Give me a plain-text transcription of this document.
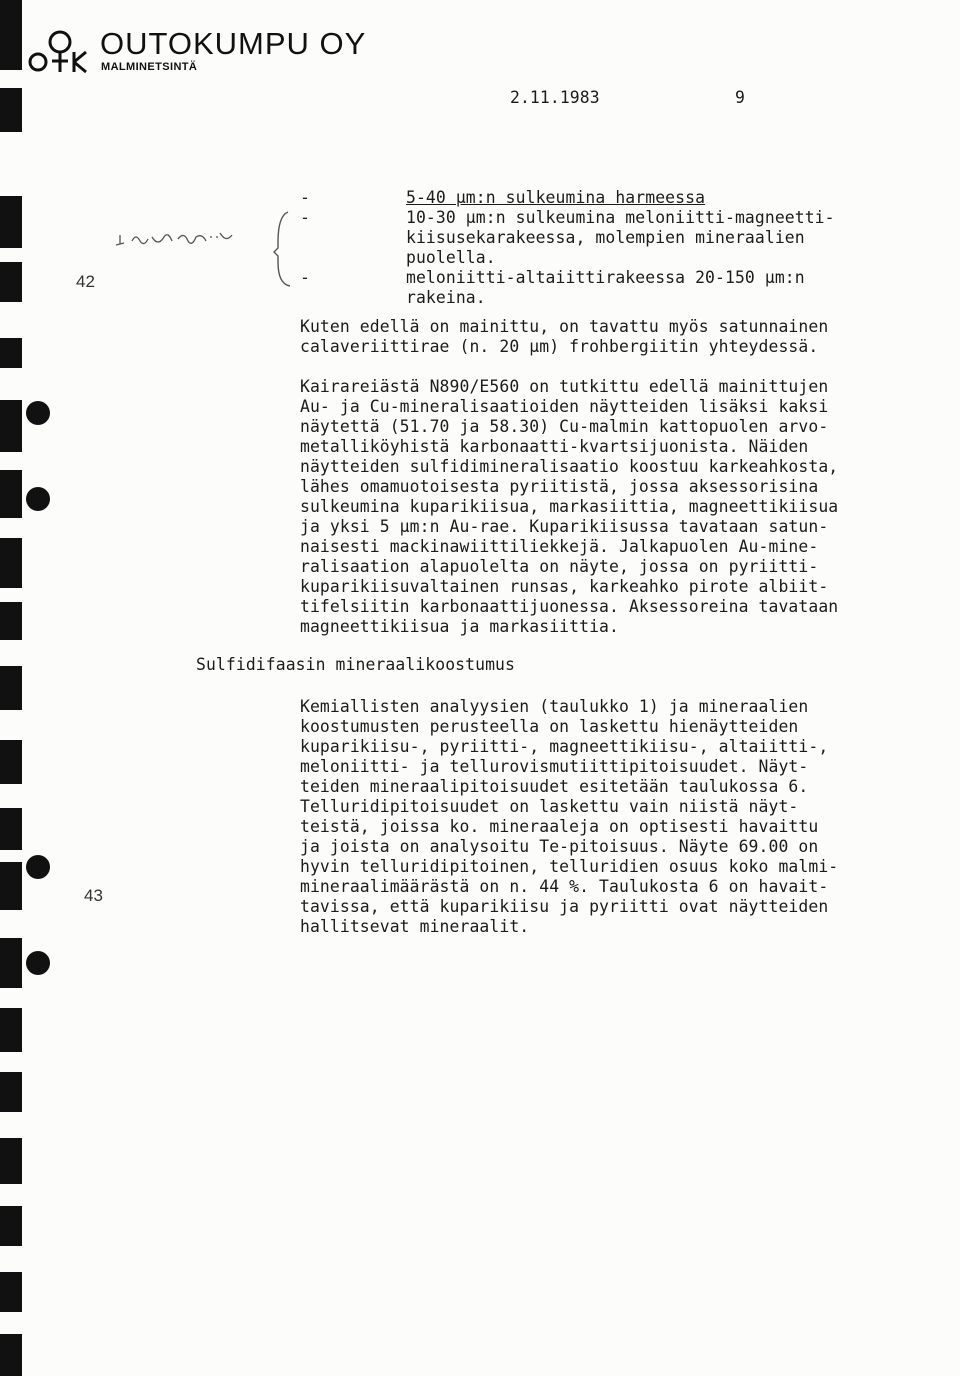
OUTOKUMPU OY
MALMINETSINTÄ
2.11.1983	9
42
43
-	5-40 µm:n sulkeumina harmeessa
-	10-30 µm:n sulkeumina meloniitti-magneetti-
kiisusekarakeessa, molempien mineraalien
puolella.
-	meloniitti-altaiittirakeessa 20-150 µm:n
rakeina.
Kuten edellä on mainittu, on tavattu myös satunnainen
calaveriittirae (n. 20 µm) frohbergiitin yhteydessä.
Kairareiästä N890/E560 on tutkittu edellä mainittujen
Au- ja Cu-mineralisaatioiden näytteiden lisäksi kaksi
näytettä (51.70 ja 58.30) Cu-malmin kattopuolen arvo-
metalliköyhistä karbonaatti-kvartsijuonista. Näiden
näytteiden sulfidimineralisaatio koostuu karkeahkosta,
lähes omamuotoisesta pyriitistä, jossa aksessorisina
sulkeumina kuparikiisua, markasiittia, magneettikiisua
ja yksi 5 µm:n Au-rae. Kuparikiisussa tavataan satun-
naisesti mackinawiittiliekkejä. Jalkapuolen Au-mine-
ralisaation alapuolelta on näyte, jossa on pyriitti-
kuparikiisuvaltainen runsas, karkeahko pirote albiit-
tifelsiitin karbonaattijuonessa. Aksessoreina tavataan
magneettikiisua ja markasiittia.
Sulfidifaasin mineraalikoostumus
Kemiallisten analyysien (taulukko 1) ja mineraalien
koostumusten perusteella on laskettu hienäytteiden
kuparikiisu-, pyriitti-, magneettikiisu-, altaiitti-,
meloniitti- ja tellurovismutiittipitoisuudet. Näyt-
teiden mineraalipitoisuudet esitetään taulukossa 6.
Telluridipitoisuudet on laskettu vain niistä näyt-
teistä, joissa ko. mineraaleja on optisesti havaittu
ja joista on analysoitu Te-pitoisuus. Näyte 69.00 on
hyvin telluridipitoinen, telluridien osuus koko malmi-
mineraalimäärästä on n. 44 %. Taulukosta 6 on havait-
tavissa, että kuparikiisu ja pyriitti ovat näytteiden
hallitsevat mineraalit.
